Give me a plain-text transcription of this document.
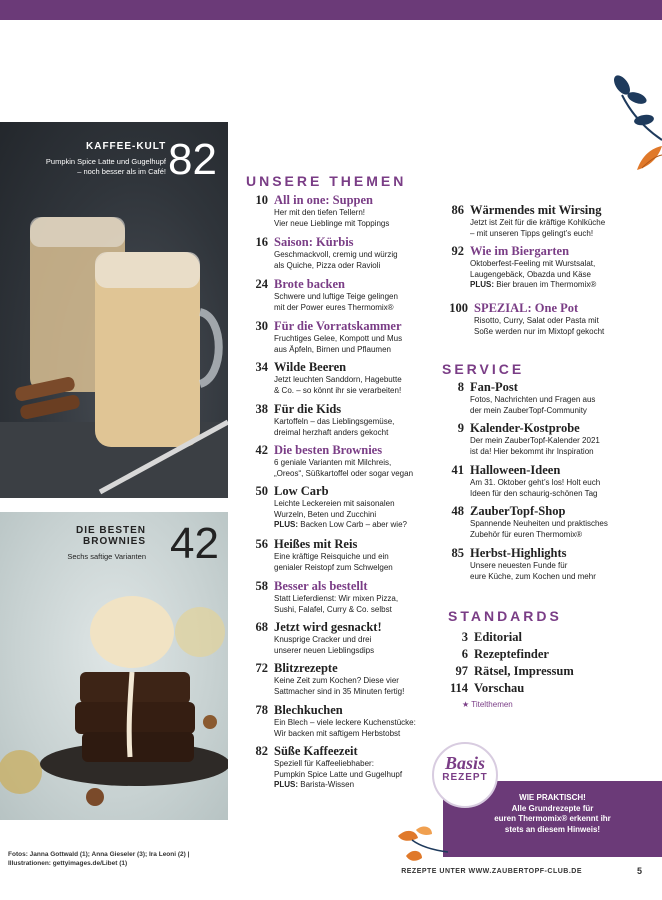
KAFFEE-KULT 82
Pumpkin Spice Latte und Gugelhupf
– noch besser als im Café!
DIE BESTEN
BROWNIES 42
Sechs saftige Varianten
UNSERE THEMEN
10 All in one: Suppen
Her mit den tiefen Tellern!
Vier neue Lieblinge mit Toppings
16 Saison: Kürbis
Geschmackvoll, cremig und würzig
als Quiche, Pizza oder Ravioli
24 Brote backen
Schwere und luftige Teige gelingen
mit der Power eures Thermomix®
30 Für die Vorratskammer
Fruchtiges Gelee, Kompott und Mus
aus Äpfeln, Birnen und Pflaumen
34 Wilde Beeren
Jetzt leuchten Sanddorn, Hagebutte
& Co. – so könnt ihr sie verarbeiten!
38 Für die Kids
Kartoffeln – das Lieblingsgemüse,
dreimal herzhaft anders gekocht
42 Die besten Brownies
6 geniale Varianten mit Milchreis,
„Oreos“, Süßkartoffel oder sogar vegan
50 Low Carb
Leichte Leckereien mit saisonalen
Wurzeln, Beten und Zucchini
PLUS: Backen Low Carb – aber wie?
56 Heißes mit Reis
Eine kräftige Reisquiche und ein
genialer Reistopf zum Schwelgen
58 Besser als bestellt
Statt Lieferdienst: Wir mixen Pizza,
Sushi, Falafel, Curry & Co. selbst
68 Jetzt wird gesnackt!
Knusprige Cracker und drei
unserer neuen Lieblingsdips
72 Blitzrezepte
Keine Zeit zum Kochen? Diese vier
Sattmacher sind in 35 Minuten fertig!
78 Blechkuchen
Ein Blech – viele leckere Kuchenstücke:
Wir backen mit saftigem Herbstobst
82 Süße Kaffeezeit
Speziell für Kaffeeliebhaber:
Pumpkin Spice Latte und Gugelhupf
PLUS: Barista-Wissen
86 Wärmendes mit Wirsing
Jetzt ist Zeit für die kräftige Kohlküche
– mit unseren Tipps gelingt’s euch!
92 Wie im Biergarten
Oktoberfest-Feeling mit Wurstsalat,
Laugengebäck, Obazda und Käse
PLUS: Bier brauen im Thermomix®
100 SPEZIAL: One Pot
Risotto, Curry, Salat oder Pasta mit
Soße werden nur im Mixtopf gekocht
SERVICE
8 Fan-Post
Fotos, Nachrichten und Fragen aus
der mein ZauberTopf-Community
9 Kalender-Kostprobe
Der mein ZauberTopf-Kalender 2021
ist da! Hier bekommt ihr Inspiration
41 Halloween-Ideen
Am 31. Oktober geht’s los! Holt euch
Ideen für den schaurig-schönen Tag
48 ZauberTopf-Shop
Spannende Neuheiten und praktisches
Zubehör für euren Thermomix®
85 Herbst-Highlights
Unsere neuesten Funde für
eure Küche, zum Kochen und mehr
STANDARDS
3 Editorial
6 Rezeptefinder
97 Rätsel, Impressum
114 Vorschau
★ Titelthemen
WIE PRAKTISCH!
Alle Grundrezepte für
euren Thermomix® erkennt ihr
stets an diesem Hinweis!
Basis
REZEPT
Fotos: Janna Gottwald (1); Anna Gieseler (3); Ira Leoni (2) |
Illustrationen: gettyimages.de/Libet (1)
REZEPTE UNTER WWW.ZAUBERTOPF-CLUB.DE	5
